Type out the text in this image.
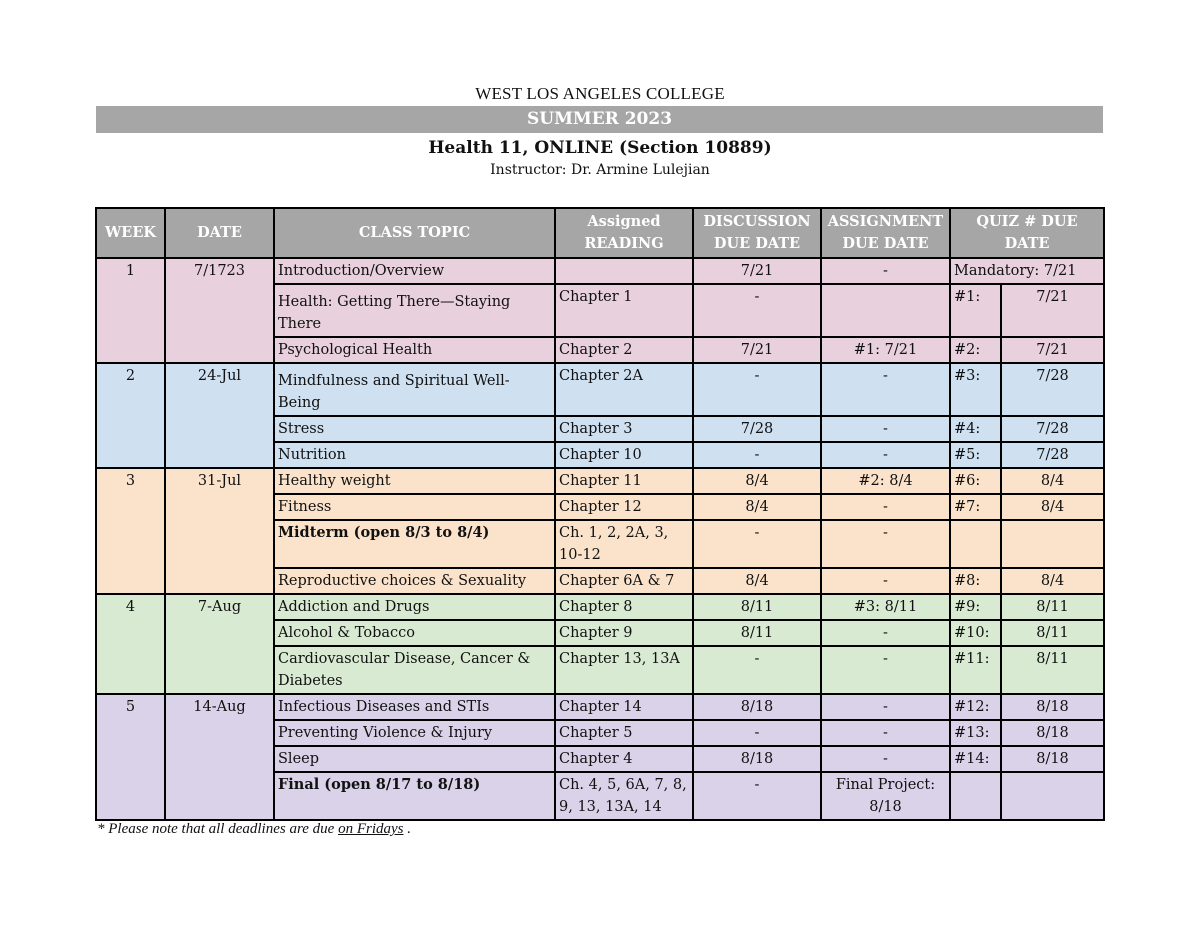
WEST LOS ANGELES COLLEGE
SUMMER 2023
Health 11, ONLINE (Section 10889)
Instructor: Dr. Armine Lulejian
WEEK	DATE	CLASS TOPIC	Assigned READING	DISCUSSION DUE DATE	ASSIGNMENT DUE DATE	QUIZ # DUE DATE	
1	7/1723	Introduction/Overview		7/21	-	Mandatory: 7/21	
		Health: Getting There—Staying There	Chapter 1	-		#1:	7/21
		Psychological Health	Chapter 2	7/21	#1: 7/21	#2:	7/21
2	24-Jul	Mindfulness and Spiritual Well-Being	Chapter 2A	-	-	#3:	7/28
		Stress	Chapter 3	7/28	-	#4:	7/28
		Nutrition	Chapter 10	-	-	#5:	7/28
3	31-Jul	Healthy weight	Chapter 11	8/4	#2: 8/4	#6:	8/4
		Fitness	Chapter 12	8/4	-	#7:	8/4
		Midterm (open 8/3 to 8/4)	Ch. 1, 2, 2A, 3, 10-12	-	-		
		Reproductive choices & Sexuality	Chapter 6A & 7	8/4	-	#8:	8/4
4	7-Aug	Addiction and Drugs	Chapter 8	8/11	#3: 8/11	#9:	8/11
		Alcohol & Tobacco	Chapter 9	8/11	-	#10:	8/11
		Cardiovascular Disease, Cancer & Diabetes	Chapter 13, 13A	-	-	#11:	8/11
5	14-Aug	Infectious Diseases and STIs	Chapter 14	8/18	-	#12:	8/18
		Preventing Violence & Injury	Chapter 5	-	-	#13:	8/18
		Sleep	Chapter 4	8/18	-	#14:	8/18
		Final (open 8/17 to 8/18)	Ch. 4, 5, 6A, 7, 8, 9, 13, 13A, 14	-	Final Project: 8/18		
* Please note that all deadlines are due on Fridays .
